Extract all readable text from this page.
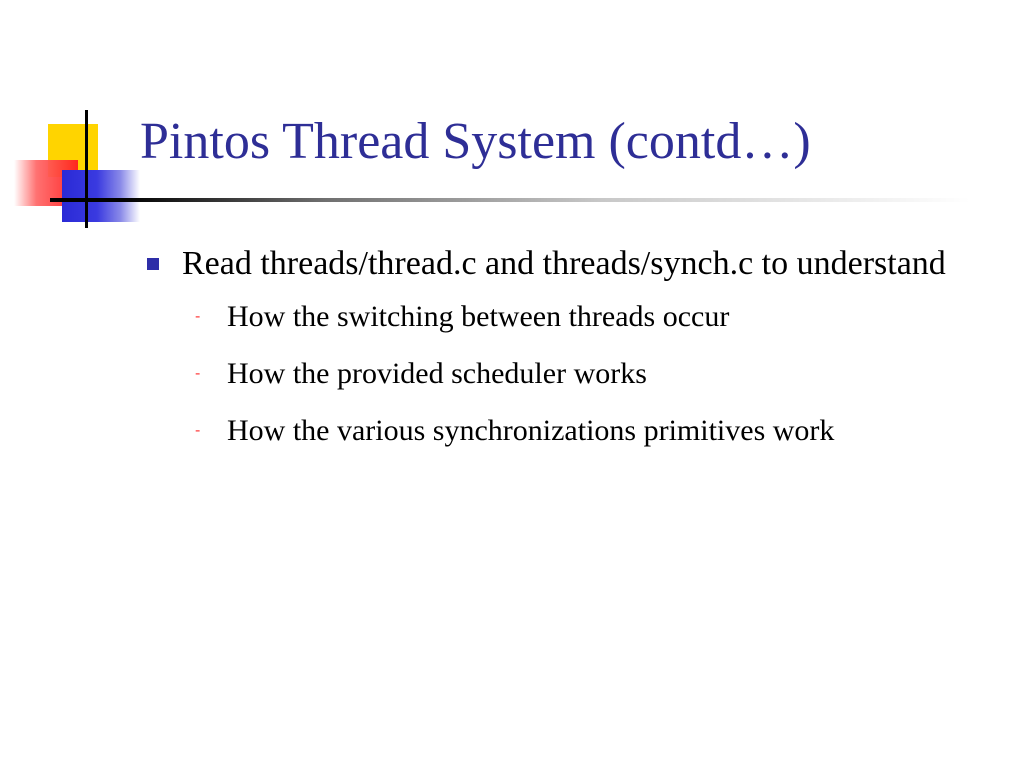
Pintos Thread System (contd…)
Read threads/thread.c and threads/synch.c to understand
- How the switching between threads occur
- How the provided scheduler works
- How the various synchronizations primitives work
